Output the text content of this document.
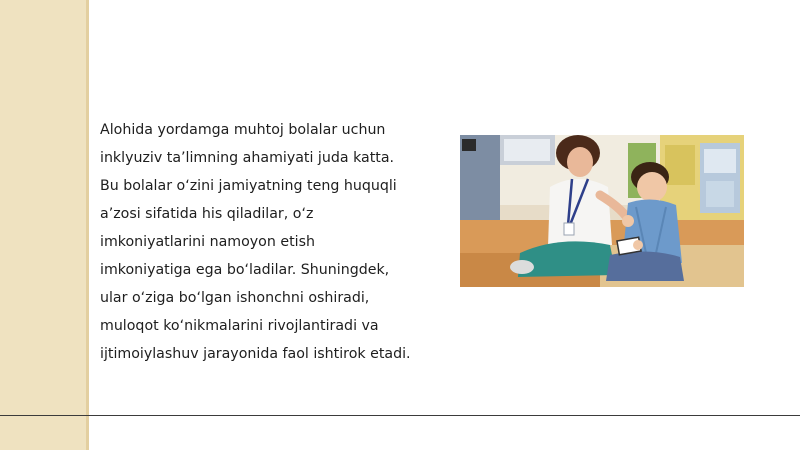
Alohida yordamga muhtoj bolalar uchun
inklyuziv ta’limning ahamiyati juda katta.
Bu bolalar o‘zini jamiyatning teng huquqli
a’zosi sifatida his qiladilar, o‘z
imkoniyatlarini namoyon etish
imkoniyatiga ega bo‘ladilar. Shuningdek,
ular o‘ziga bo‘lgan ishonchni oshiradi,
muloqot ko‘nikmalarini rivojlantiradi va
ijtimoiylashuv jarayonida faol ishtirok etadi.
